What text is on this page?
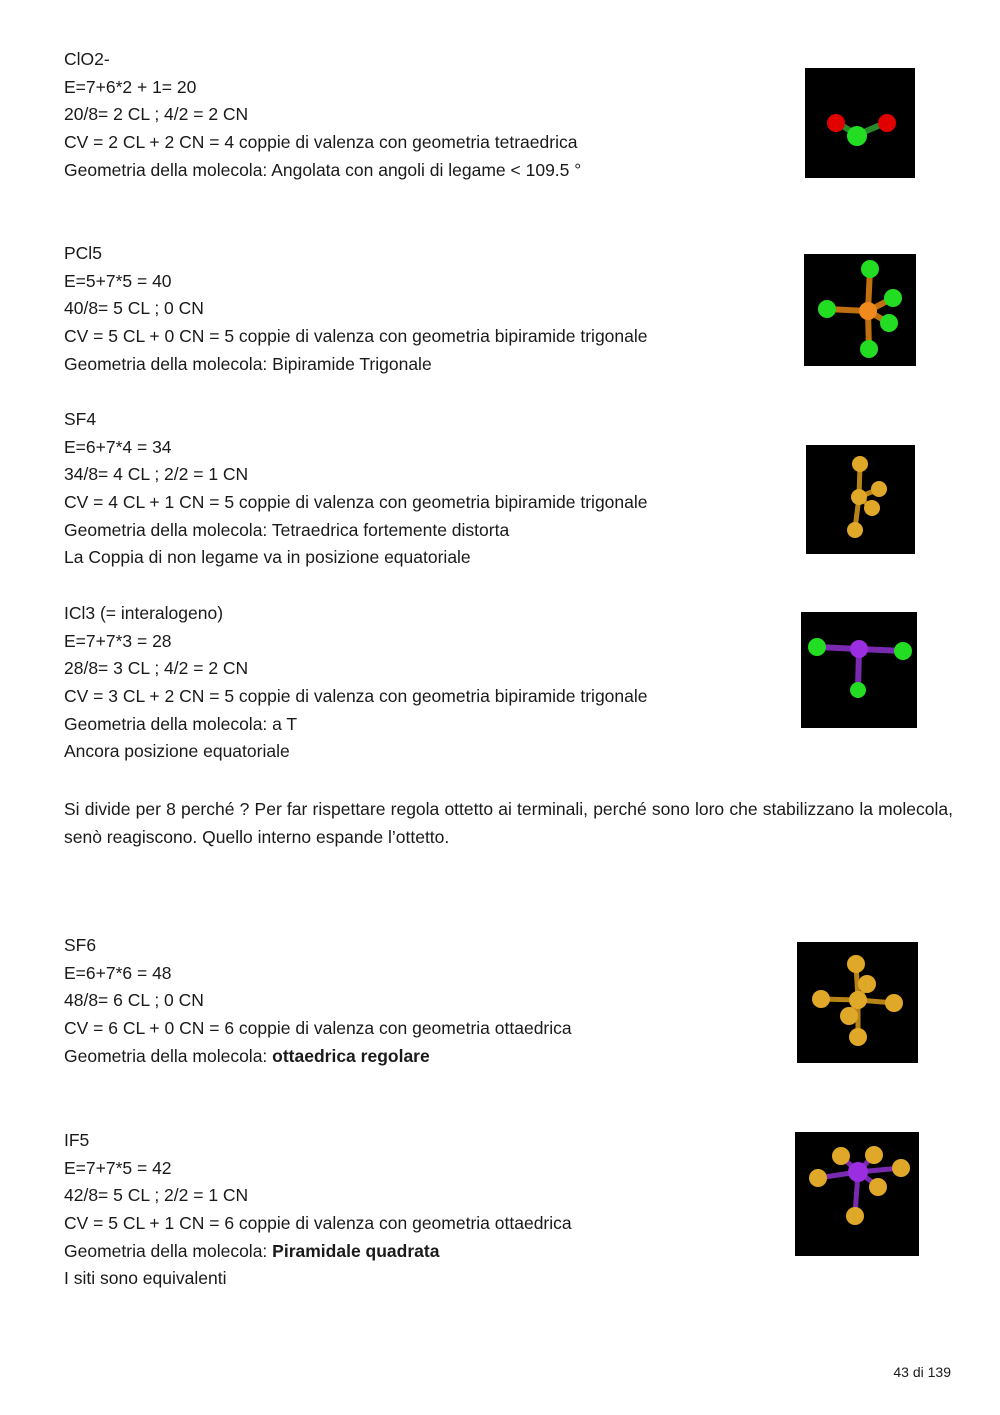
ClO2-
E=7+6*2 + 1= 20
20/8= 2 CL ; 4/2 = 2 CN
CV = 2 CL + 2 CN = 4 coppie di valenza con geometria tetraedrica
Geometria della molecola: Angolata con angoli di legame < 109.5 °
PCl5
E=5+7*5 = 40
40/8= 5 CL ; 0 CN
CV = 5 CL + 0 CN = 5 coppie di valenza con geometria bipiramide trigonale
Geometria della molecola: Bipiramide Trigonale
SF4
E=6+7*4 = 34
34/8= 4 CL ; 2/2 = 1 CN
CV = 4 CL + 1 CN = 5 coppie di valenza con geometria bipiramide trigonale
Geometria della molecola: Tetraedrica fortemente distorta
La Coppia di non legame va in posizione equatoriale
ICl3 (= interalogeno)
E=7+7*3 = 28
28/8= 3 CL ; 4/2 = 2 CN
CV = 3 CL + 2 CN = 5 coppie di valenza con geometria bipiramide trigonale
Geometria della molecola: a T
Ancora posizione equatoriale
Si divide per 8 perché ? Per far rispettare regola ottetto ai terminali, perché sono loro che stabilizzano la molecola, senò reagiscono. Quello interno espande l’ottetto.
SF6
E=6+7*6 = 48
48/8= 6 CL ; 0 CN
CV = 6 CL + 0 CN = 6 coppie di valenza con geometria ottaedrica
Geometria della molecola: ottaedrica regolare
IF5
E=7+7*5 = 42
42/8= 5 CL ; 2/2 = 1 CN
CV = 5 CL + 1 CN = 6 coppie di valenza con geometria ottaedrica
Geometria della molecola: Piramidale quadrata
I siti sono equivalenti
43 di 139
